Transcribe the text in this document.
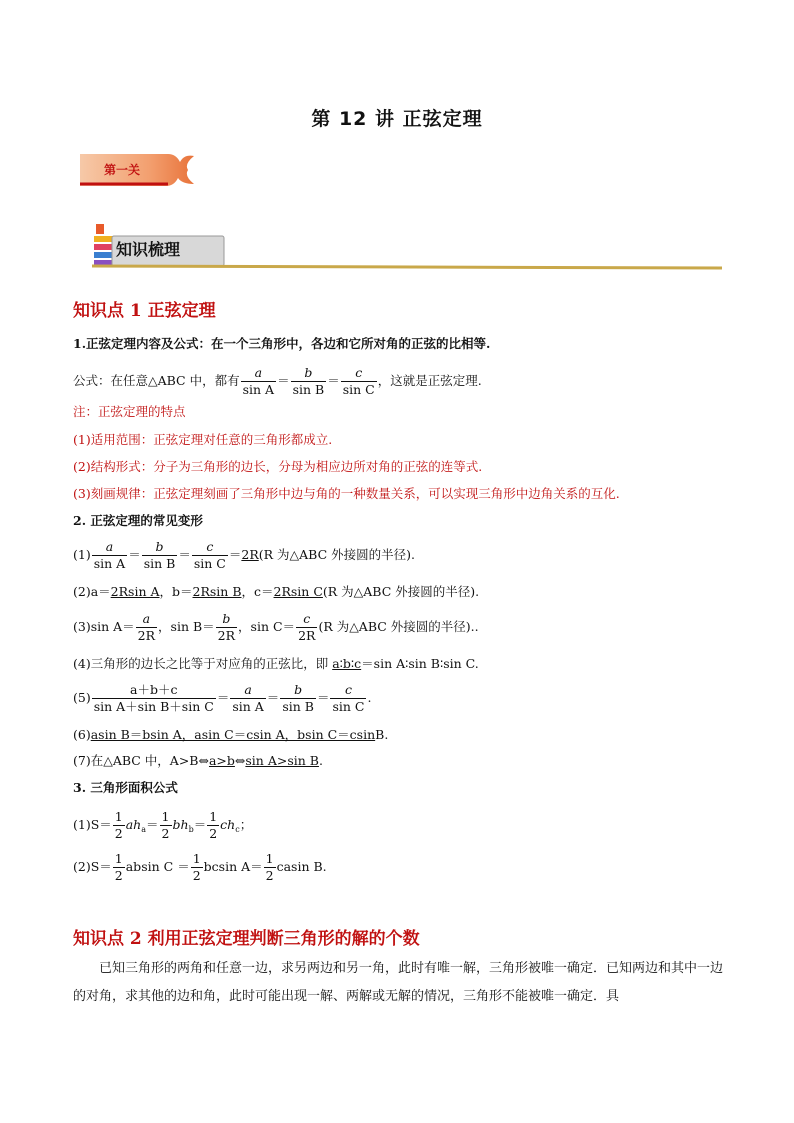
第 12 讲 正弦定理
第一关
知识梳理
知识点 1 正弦定理
1.正弦定理内容及公式：在一个三角形中，各边和它所对角的正弦的比相等.
公式：在任意△ABC 中，都有 $\frac{a}{\text{sin A}} = \frac{b}{\text{sin B}} = \frac{c}{\text{sin C}}$ ，这就是正弦定理.
注：正弦定理的特点
(1)适用范围：正弦定理对任意的三角形都成立.
(2)结构形式：分子为三角形的边长，分母为相应边所对角的正弦的连等式.
(3)刻画规律：正弦定理刻画了三角形中边与角的一种数量关系，可以实现三角形中边角关系的互化.
2. 正弦定理的常见变形
$(1) \frac{a}{\text{sin A}} = \frac{b}{\text{sin B}} = \frac{c}{\text{sin C}} =2R(R$ 为△ABC 外接圆的半径).
(2)a＝2Rsin A，b＝2Rsin B，c＝2Rsin C(R 为△ABC 外接圆的半径).
(3)sin $A= \frac{a}{2R}$ ，$\sin B= \frac{b}{2R}$ ，$\sin C= \frac{c}{2R} (R$ 为△ABC 外接圆的半径)..
(4)三角形的边长之比等于对应角的正弦比，即 a∶b∶c＝sin A∶sin B∶sin C.
$(5) \frac{a+b+c}{\text{sin A＋sin B＋sin C}} = \frac{a}{\text{sin A}} = \frac{b}{\text{sin B}} = \frac{c}{\text{sin C}}$ .
(6)asin B＝bsin A，asin C＝csin A，bsin C＝csinB.
(7)在△ABC 中，A>B⇔a>b⇔sin A>sin B.
3. 三角形面积公式
$(1)S= \frac{1}{2} ah_a= \frac{1}{2} bh_b= \frac{1}{2} ch_c$；
$(2)S= \frac{1}{2}$ absin $C = \frac{1}{2}$ bcsin $A= \frac{1}{2}$ casin B.
知识点 2 利用正弦定理判断三角形的解的个数
已知三角形的两角和任意一边，求另两边和另一角，此时有唯一解，三角形被唯一确定．已知两边和其中一边的对角，求其他的边和角，此时可能出现一解、两解或无解的情况，三角形不能被唯一确定．具
